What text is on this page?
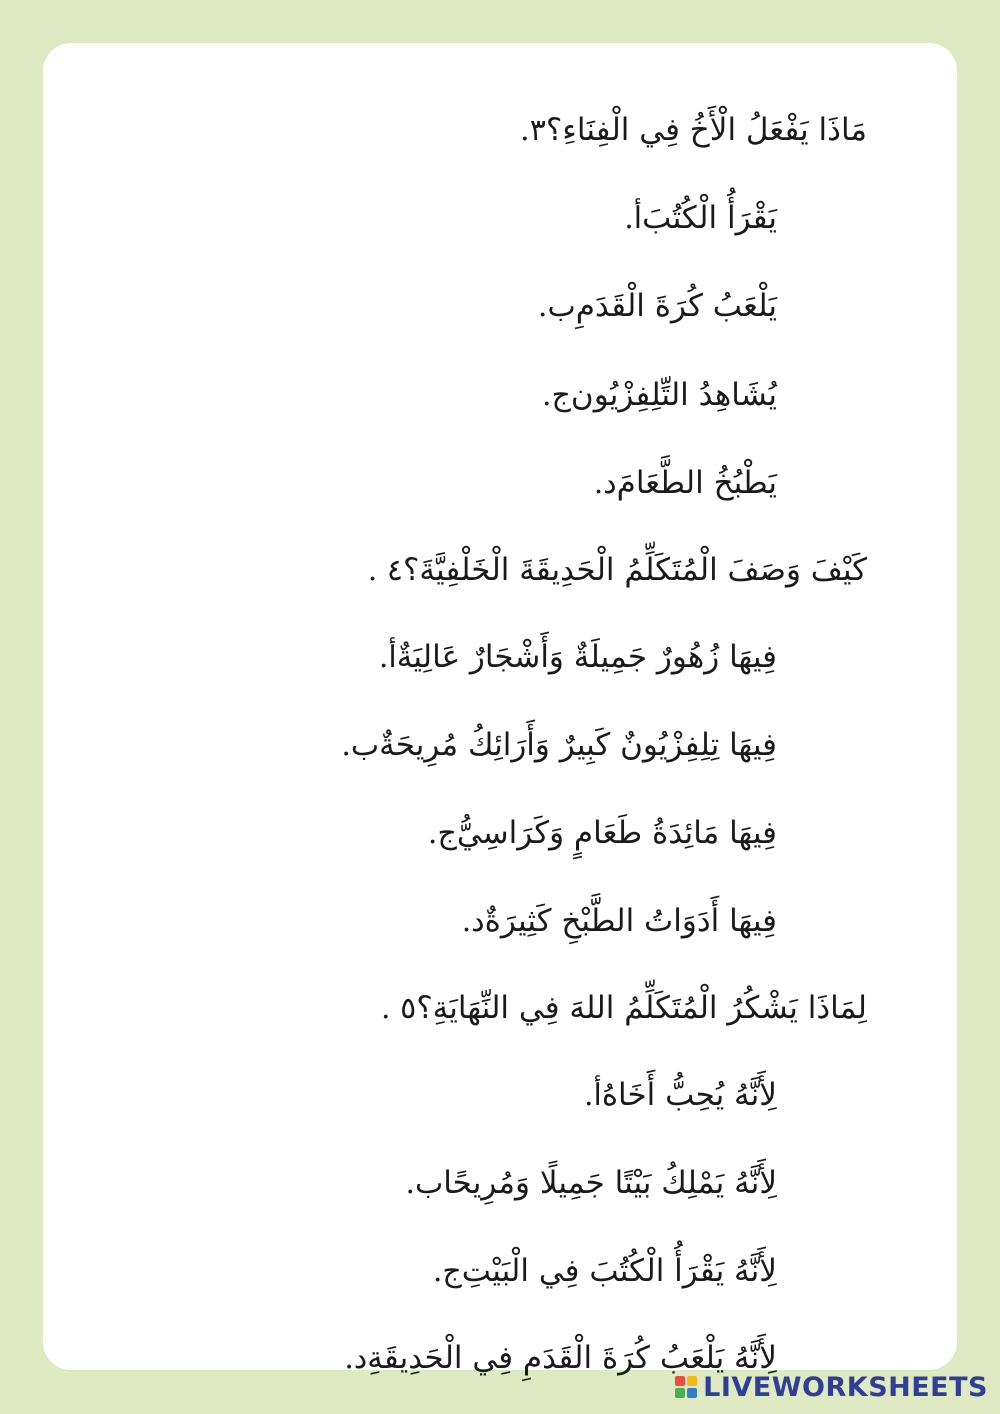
٣. مَاذَا يَفْعَلُ الْأَخُ فِي الْفِنَاءِ؟
أ. يَقْرَأُ الْكُتُبَ
ب. يَلْعَبُ كُرَةَ الْقَدَمِ
ج. يُشَاهِدُ التِّلِفِزْيُون
د. يَطْبُخُ الطَّعَامَ
٤ . كَيْفَ وَصَفَ الْمُتَكَلِّمُ الْحَدِيقَةَ الْخَلْفِيَّةَ؟
أ. فِيهَا زُهُورٌ جَمِيلَةٌ وَأَشْجَارٌ عَالِيَةٌ
ب. فِيهَا تِلِفِزْيُونٌ كَبِيرٌ وَأَرَائِكُ مُرِيحَةٌ
ج. فِيهَا مَائِدَةُ طَعَامٍ وَكَرَاسِيُّ
د. فِيهَا أَدَوَاتُ الطَّبْخِ كَثِيرَةٌ
٥ . لِمَاذَا يَشْكُرُ الْمُتَكَلِّمُ اللهَ فِي النِّهَايَةِ؟
أ. لِأَنَّهُ يُحِبُّ أَخَاهُ
ب. لِأَنَّهُ يَمْلِكُ بَيْتًا جَمِيلًا وَمُرِيحًا
ج. لِأَنَّهُ يَقْرَأُ الْكُتُبَ فِي الْبَيْتِ
د. لِأَنَّهُ يَلْعَبُ كُرَةَ الْقَدَمِ فِي الْحَدِيقَةِ
LIVEWORKSHEETS
